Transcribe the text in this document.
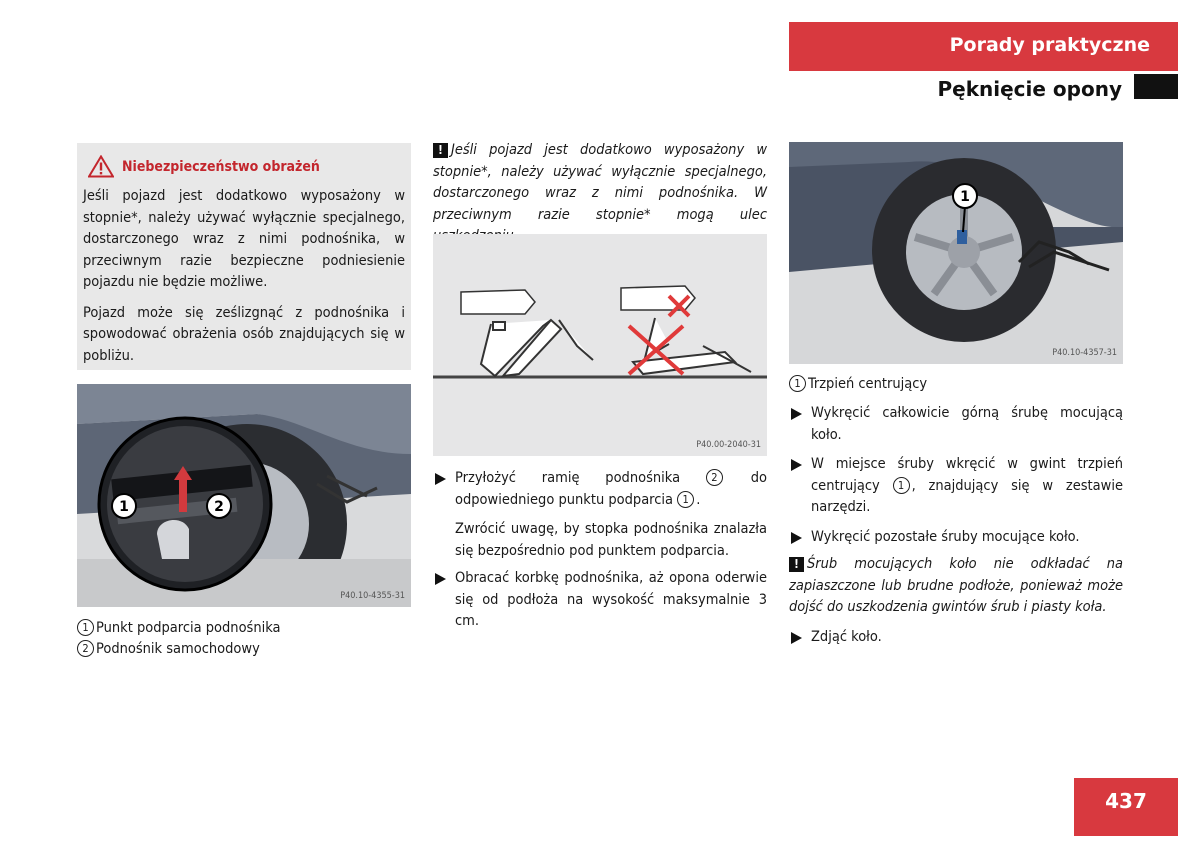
Porady praktyczne
Pęknięcie opony
Niebezpieczeństwo obrażeń

Jeśli pojazd jest dodatkowo wyposażony w stopnie*, należy używać wyłącznie specjalnego, dostarczonego wraz z nimi podnośnika, w przeciwnym razie bezpieczne podniesienie pojazdu nie będzie możliwe.

Pojazd może się ześlizgnąć z podnośnika i spowodować obrażenia osób znajdujących się w pobliżu.

1	2
P40.10-4355-31
1 Punkt podparcia podnośnika
2 Podnośnik samochodowy

! Jeśli pojazd jest dodatkowo wyposażony w stopnie*, należy używać wyłącznie specjalnego, dostarczonego wraz z nimi podnośnika. W przeciwnym razie stopnie* mogą ulec

P40.00-2040-31

Przyłożyć ramię podnośnika	2 do odpowiedniego punktu podparcia 1 .

Zwrócić uwagę, by stopka podnośnika znalazła się bezpośrednio pod punktem podparcia.

Obracać korbkę podnośnika, aż opona oderwie się od podłoża na wysokość maksymalnie 3 cm.

1
P40.10-4357-31
1 Trzpień centrujący

Wykręcić całkowicie górną śrubę mocującą koło.

W miejsce śruby wkręcić w gwint trzpień centrujący 1 , znajdujący się w zestawie narzędzi.

Wykręcić pozostałe śruby mocujące koło.

! Śrub mocujących koło nie odkładać na zapiaszczone lub brudne podłoże, ponieważ może dojść do uszkodzenia gwintów śrub i piasty koła.

Zdjąć koło.

437
